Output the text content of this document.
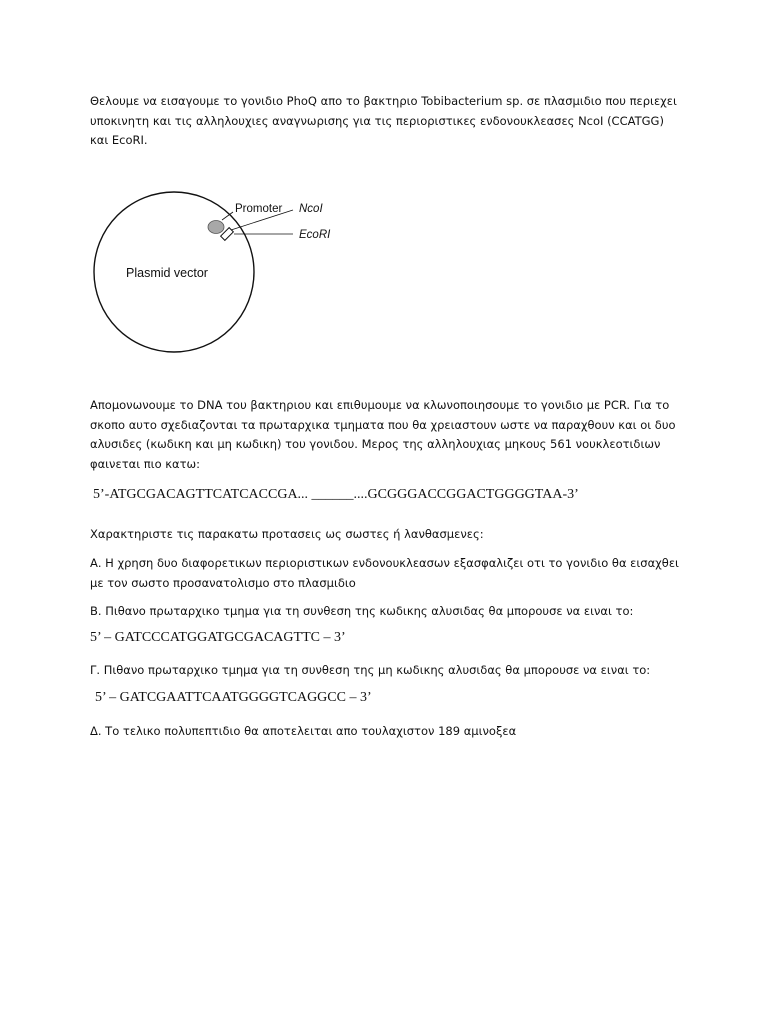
Θελουμε να εισαγουμε το γονιδιο PhoQ απο το βακτηριο Tobibacterium sp. σε πλασμιδιο που περιεχει υποκινητη και τις αλληλουχιες αναγνωρισης για τις περιοριστικες ενδονουκλεασες NcoI (CCATGG) και EcoRI.
Promoter NcoI
EcoRI
Plasmid vector
Απομονωνουμε το DNA του βακτηριου και επιθυμουμε να κλωνοποιησουμε το γονιδιο με PCR. Για το σκοπο αυτο σχεδιαζονται τα πρωταρχικα τμηματα που θα χρειαστουν ωστε να παραχθουν και οι δυο αλυσιδες (κωδικη και μη κωδικη) του γονιδου. Μερος της αλληλουχιας μηκους 561 νουκλεοτιδιων φαινεται πιο κατω:
5’-ATGCGACAGTTCATCACCGA... ______....GCGGGACCGGACTGGGGTAA-3’
Χαρακτηριστε τις παρακατω προτασεις ως σωστες ή λανθασμενες:
Α. Η χρηση δυο διαφορετικων περιοριστικων ενδονουκλεασων εξασφαλιζει οτι το γονιδιο θα εισαχθει με τον σωστο προσανατολισμο στο πλασμιδιο
Β. Πιθανο πρωταρχικο τμημα για τη συνθεση της κωδικης αλυσιδας θα μπορουσε να ειναι το:
5’ – GATCCCATGGATGCGACAGTTC – 3’
Γ. Πιθανο πρωταρχικο τμημα για τη συνθεση της μη κωδικης αλυσιδας θα μπορουσε να ειναι το:
5’ – GATCGAATTCAATGGGGTCAGGCC – 3’
Δ. Το τελικο πολυπεπτιδιο θα αποτελειται απο τουλαχιστον 189 αμινοξεα
